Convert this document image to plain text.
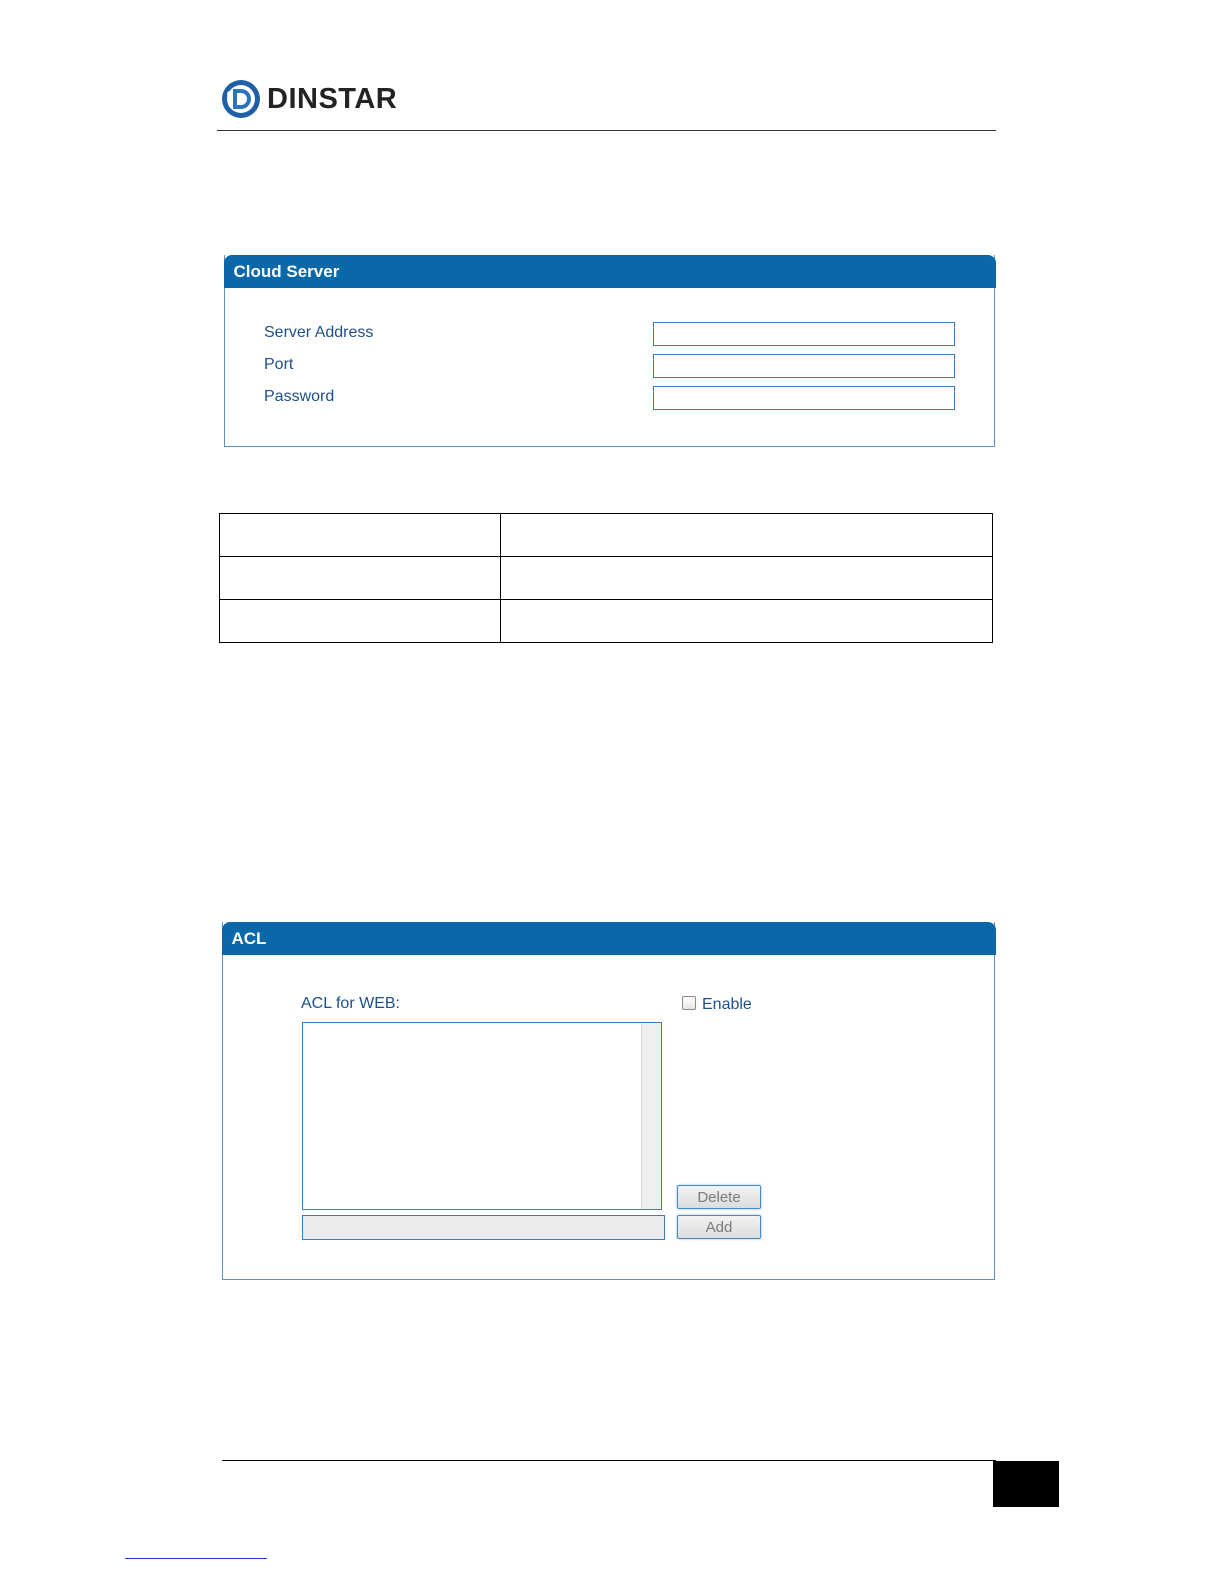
DINSTAR
Cloud Server
Server Address
Port
Password

ACL
ACL for WEB:	Enable
Delete
Add
